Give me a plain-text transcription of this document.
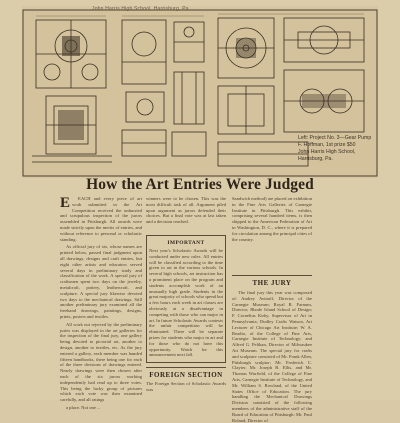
John Harris High School, Harrisburg, Pa.
Left: Project No. 3—Gear Pump
F. Hoffman, 1st prize $50
John Harris High School,
Harrisburg, Pa.
How the Art Entries Were Judged

E EACH and every piece of art work submitted in the Art Competition received the unhurried and scrupulous inspection of the jurors assembled in Pittsburgh. All awards were made strictly upon the merits of entries, and without reference to personal or scholastic standing.

As official jury of six, whose names are printed below, passed final judgment upon all drawings, designs and craft entries, but eight other artists and educators served several days in preliminary study and classification of the work. A special jury of craftsmen spent two days on the jewelry, metalcraft, pottery, leathercraft, and sculpture. A special jury likewise devoted two days to the mechanical drawings. Still another preliminary jury examined all the freehand drawings, paintings, designs, prints, posters and textiles.

All work not rejected by the preliminary juries was displayed in the art galleries for the inspection of the final jury, one gallery being devoted to pictorial art, another to design, another to textiles, etc. As the jury entered a gallery, each member was handed fifteen handbooks, there being one for each of the three divisions of drawings entered. Nearly drawings were then chosen after each of the six jurors working independently had read up to three votes. This being the lucky group of pictures which each vote was then examined carefully, and all ratings

a place. Not one ...

winners were to be chosen. This was the most difficult task of all. Argument piled upon argument as jurors defended their choices. But a final vote was at last taken and a decision reached.

IMPORTANT
Next year's Scholastic Awards will be conducted under new rules. All entries will be classified according to the time given to art in the various schools. In several high schools, art instruction has a prominent place on the program and students accomplish work of an unusually high grade. Students in the great majority of schools who spend but a few hours each week in art classes are obviously at a disadvantage in competing with those who can major in art. In future Scholastic Awards contests the unfair competition will be eliminated. There will be separate prizes for students who major in art and for those who do not have this opportunity. Watch for this announcement next fall.
FOREIGN SECTION
The Foreign Section of Scholastic Awards was

Sandwich method) are placed on exhibition in the Fine Arts Galleries of Carnegie Institute in Pittsburgh. This exhibit, comprising several hundred items, is then shipped to the American Federation of Art in Washington, D. C., where it is prepared for circulation among the principal cities of the country.

THE JURY

The final jury this year was composed of: Andrey Avinoff, Director of the Carnegie Museum; Royal B. Farnum, Director, Rhode Island School of Design; F. Cornelius Kirby, Supervisor of Art in Pennsylvania; Dudley Crafts Watson, Art Lecturer of Chicago Art Institute; W. A. Readio, of the College of Fine Arts, Carnegie Institute of Technology; and Alfred G. Pelikan, Director of Milwaukee Art Museum. The special jury for crafts and sculpture consisted of Mr. Frank Allen, Pittsburgh sculptor; Mr. Frederick C. Clayter, Mr. Joseph B. Ellis, and Mr. Thomas Wurfield, of the College of Fine Arts, Carnegie Institute of Technology, and Mr. William S. Rowland, of the United States Office of Education. The jury handling the Mechanical Drawings Division consisted of the following members of the administrative staff of the Board of Education of Pittsburgh: Mr. Paul Roland, Director of
